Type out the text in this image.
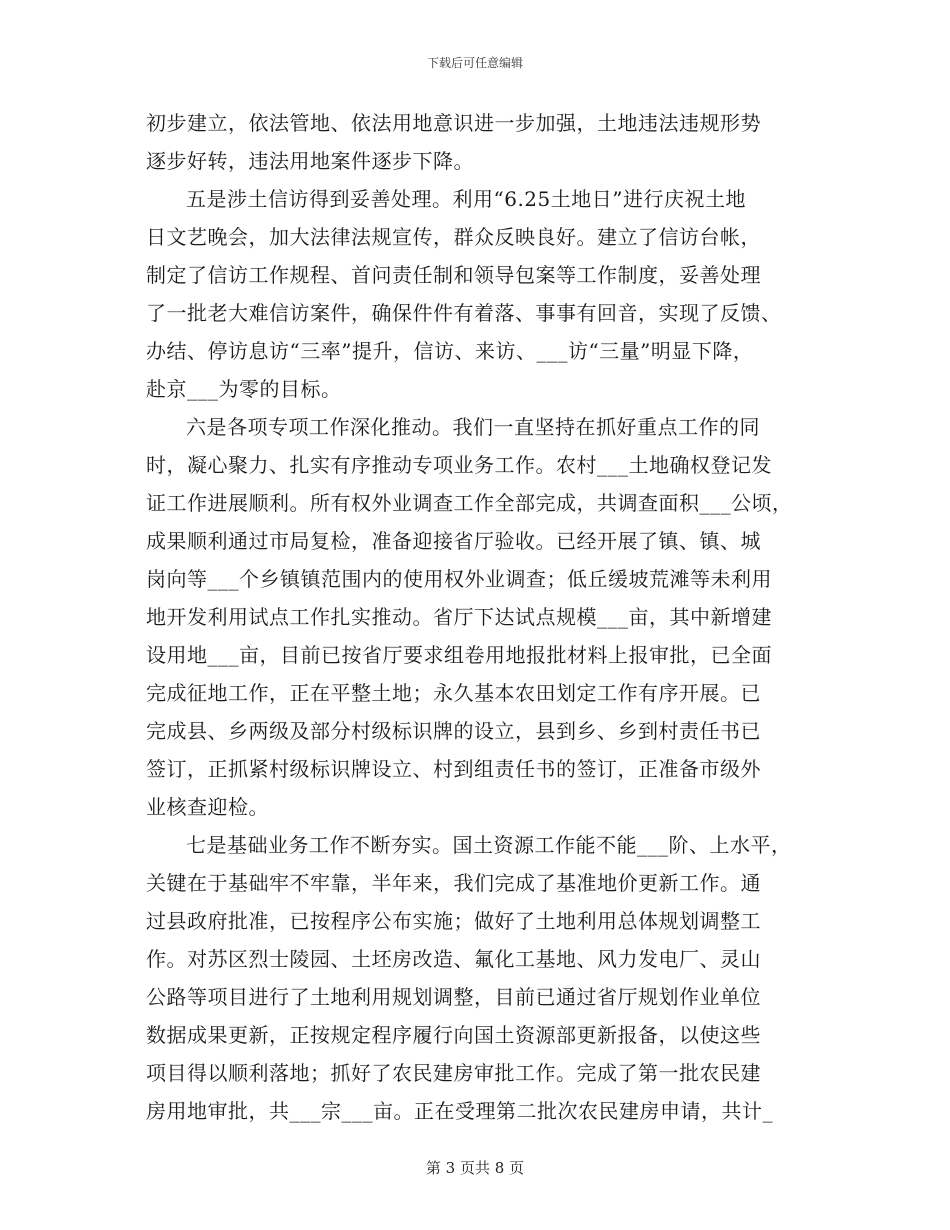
下载后可任意编辑
初步建立，依法管地、依法用地意识进一步加强，土地违法违规形势
逐步好转，违法用地案件逐步下降。
五是涉土信访得到妥善处理。利用“6.25土地日”进行庆祝土地
日文艺晚会，加大法律法规宣传，群众反映良好。建立了信访台帐，
制定了信访工作规程、首问责任制和领导包案等工作制度，妥善处理
了一批老大难信访案件，确保件件有着落、事事有回音，实现了反馈、
办结、停访息访“三率”提升，信访、来访、___访“三量”明显下降，
赴京___为零的目标。
六是各项专项工作深化推动。我们一直坚持在抓好重点工作的同
时，凝心聚力、扎实有序推动专项业务工作。农村___土地确权登记发
证工作进展顺利。所有权外业调查工作全部完成，共调查面积___公顷，
成果顺利通过市局复检，准备迎接省厅验收。已经开展了镇、镇、城
岗向等___个乡镇镇范围内的使用权外业调查；低丘缓坡荒滩等未利用
地开发利用试点工作扎实推动。省厅下达试点规模___亩，其中新增建
设用地___亩，目前已按省厅要求组卷用地报批材料上报审批，已全面
完成征地工作，正在平整土地；永久基本农田划定工作有序开展。已
完成县、乡两级及部分村级标识牌的设立，县到乡、乡到村责任书已
签订，正抓紧村级标识牌设立、村到组责任书的签订，正准备市级外
业核查迎检。
七是基础业务工作不断夯实。国土资源工作能不能___阶、上水平，
关键在于基础牢不牢靠，半年来，我们完成了基准地价更新工作。通
过县政府批准，已按程序公布实施；做好了土地利用总体规划调整工
作。对苏区烈士陵园、土坯房改造、氟化工基地、风力发电厂、灵山
公路等项目进行了土地利用规划调整，目前已通过省厅规划作业单位
数据成果更新，正按规定程序履行向国土资源部更新报备，以使这些
项目得以顺利落地；抓好了农民建房审批工作。完成了第一批农民建
房用地审批，共___宗___亩。正在受理第二批次农民建房申请，共计_
第 3 页共 8 页
